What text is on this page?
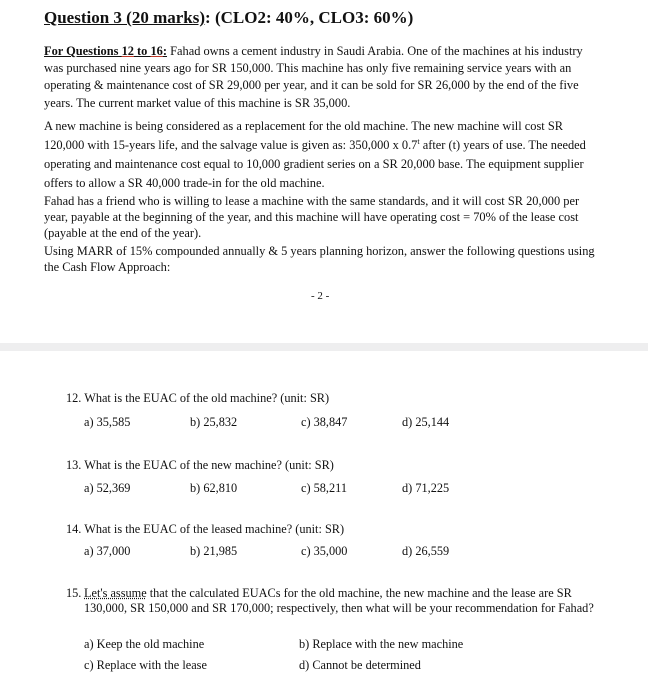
Question 3 (20 marks): (CLO2: 40%, CLO3: 60%)

For Questions 12 to 16: Fahad owns a cement industry in Saudi Arabia. One of the machines at his industry was purchased nine years ago for SR 150,000. This machine has only five remaining service years with an operating & maintenance cost of SR 29,000 per year, and it can be sold for SR 26,000 by the end of the five years. The current market value of this machine is SR 35,000.

A new machine is being considered as a replacement for the old machine. The new machine will cost SR 120,000 with 15-years life, and the salvage value is given as: 350,000 x 0.7$^t$ after (t) years of use. The needed operating and maintenance cost equal to 10,000 gradient series on a SR 20,000 base. The equipment supplier offers to allow a SR 40,000 trade-in for the old machine.

Fahad has a friend who is willing to lease a machine with the same standards, and it will cost SR 20,000 per year, payable at the beginning of the year, and this machine will have operating cost = 70% of the lease cost (payable at the end of the year).

Using MARR of 15% compounded annually & 5 years planning horizon, answer the following questions using the Cash Flow Approach:

- 2 -
12. What is the EUAC of the old machine? (unit: SR)
a) 35,585	b) 25,832	c) 38,847	d) 25,144
13. What is the EUAC of the new machine? (unit: SR)
a) 52,369	b) 62,810	c) 58,211	d) 71,225
14. What is the EUAC of the leased machine? (unit: SR)
a) 37,000	b) 21,985	c) 35,000	d) 26,559
15. Let's assume that the calculated EUACs for the old machine, the new machine and the lease are SR 130,000, SR 150,000 and SR 170,000; respectively, then what will be your recommendation for Fahad?
a) Keep the old machine	b) Replace with the new machine
c) Replace with the lease	d) Cannot be determined
